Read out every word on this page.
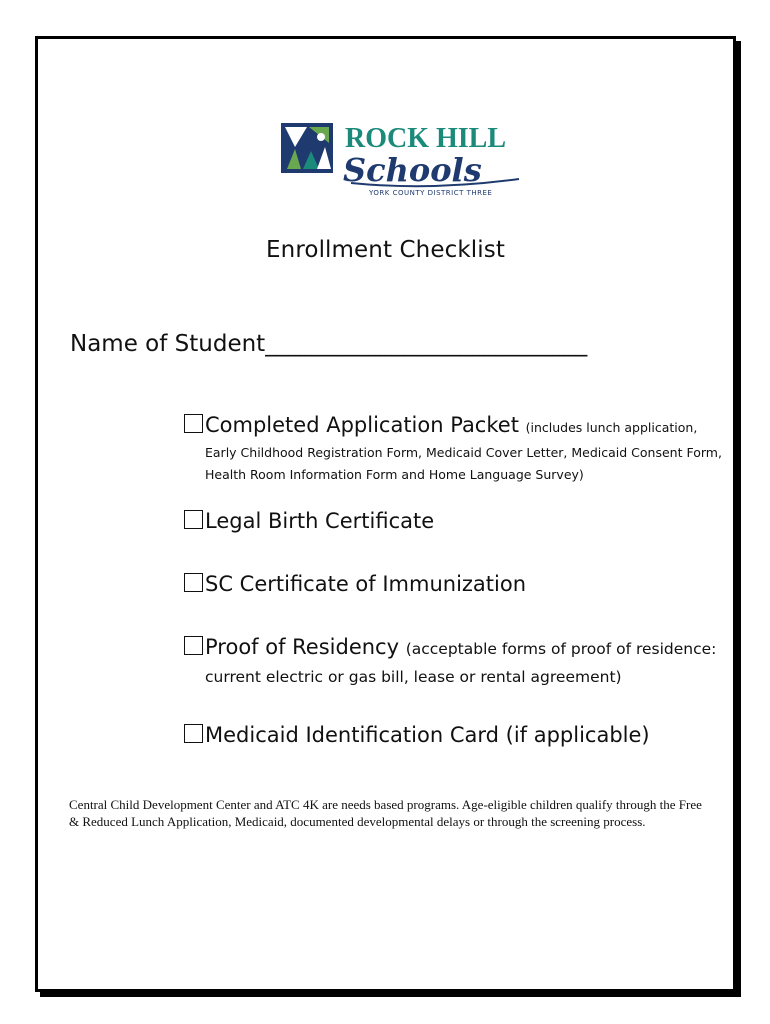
ROCK HILL
Schools
YORK COUNTY DISTRICT THREE
Enrollment Checklist
Name of Student____________________________
Completed Application Packet (includes lunch application,
Early Childhood Registration Form, Medicaid Cover Letter, Medicaid Consent Form,
Health Room Information Form and Home Language Survey)
Legal Birth Certificate
SC Certificate of Immunization
Proof of Residency (acceptable forms of proof of residence:
current electric or gas bill, lease or rental agreement)
Medicaid Identification Card (if applicable)
Central Child Development Center and ATC 4K are needs based programs. Age-eligible children qualify through the Free & Reduced Lunch Application, Medicaid, documented developmental delays or through the screening process.
